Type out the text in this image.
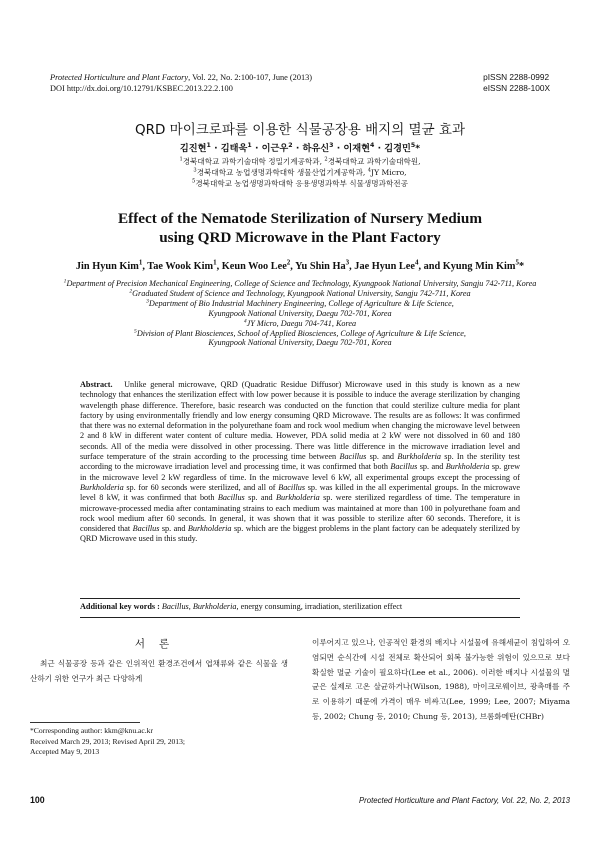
Protected Horticulture and Plant Factory, Vol. 22, No. 2:100-107, June (2013)
DOI http://dx.doi.org/10.12791/KSBEC.2013.22.2.100
pISSN 2288-0992
eISSN 2288-100X
QRD 마이크로파를 이용한 식물공장용 배지의 멸균 효과
김진현$^1$ · 김태욱$^1$ · 이근우$^2$ · 하유신$^3$ · 이재현$^4$ · 김경민$^5$*
$^1$경북대학교 과학기술대학 정밀기계공학과, $^2$경북대학교 과학기술대학원,
$^3$경북대학교 농업생명과학대학 생물산업기계공학과, $^4$JY Micro,
$^5$경북대학교 농업생명과학대학 응용생명과학부 식물생명과학전공
Effect of the Nematode Sterilization of Nursery Medium
using QRD Microwave in the Plant Factory
Jin Hyun Kim$^1$, Tae Wook Kim$^1$, Keun Woo Lee$^2$, Yu Shin Ha$^3$, Jae Hyun Lee$^4$, and Kyung Min Kim$^5$*

$^1$Department of Precision Mechanical Engineering, College of Science and Technology, Kyungpook National University, Sangju 742-711, Korea

$^2$Graduated Student of Science and Technology, Kyungpook National University, Sangju 742-711, Korea

$^3$Department of Bio Industrial Machinery Engineering, College of Agriculture & Life Science,
Kyungpook National University, Daegu 702-701, Korea

$^4$JY Micro, Daegu 704-741, Korea

$^5$Division of Plant Biosciences, School of Applied Biosciences, College of Agriculture & Life Science,
Kyungpook National University, Daegu 702-701, Korea

Abstract. Unlike general microwave, QRD (Quadratic Residue Diffusor) Microwave used in this study is known as a new technology that enhances the sterilization effect with low power because it is possible to induce the average sterilization by changing wavelength phase difference. Therefore, basic research was conducted on the function that could sterilize culture media for plant factory by using environmentally friendly and low energy consuming QRD Microwave. The results are as follows: It was confirmed that there was no external deformation in the polyurethane foam and rock wool medium when changing the microwave level between 2 and 8 kW in different water content of culture media. However, PDA solid media at 2 kW were not dissolved in 60 and 180 seconds. All of the media were dissolved in other processing. There was little difference in the microwave irradiation level and surface temperature of the strain according to the processing time between Bacillus sp. and Burkholderia sp. In the sterility test according to the microwave irradiation level and processing time, it was confirmed that both Bacillus sp. and Burkholderia sp. grew in the microwave level 2 kW regardless of time. In the microwave level 6 kW, all experimental groups except the processing of Burkholderia sp. for 60 seconds were sterilized, and all of Bacillus sp. was killed in the all experimental groups. In the microwave level 8 kW, it was confirmed that both Bacillus sp. and Burkholderia sp. were sterilized regardless of time. The temperature in microwave-processed media after contaminating strains to each medium was maintained at more than 100 in polyurethane foam and rock wool medium after 60 seconds. In general, it was shown that it was possible to sterilize after 60 seconds. Therefore, it is considered that Bacillus sp. and Burkholderia sp. which are the biggest problems in the plant factory can be adequately sterilized by QRD Microwave used in this study.
Additional key words : Bacillus, Burkholderia, energy consuming, irradiation, sterilization effect
서론

최근 식물공장 등과 같은 인위적인 환경조건에서 엽채류와 같은 식물을 생산하기 위한 연구가 최근 다양하게

*Corresponding author: kkm@knu.ac.kr
Received March 29, 2013; Revised April 29, 2013;
Accepted May 9, 2013
이루어지고 있으나, 인공적인 환경의 배지나 시설물에 유해세균이 침입하여 오염되면 순식간에 시설 전체로 확산되어 회복 불가능한 위험이 있으므로 보다 확실한 멸균 기술이 필요하다(Lee et al., 2006). 이러한 배지나 시설물의 멸균은 실제로 고온 살균하거나(Wilson, 1988), 마이크로웨이브, 광촉매를 주로 이용하기 때문에 가격이 매우 비싸고(Lee, 1999; Lee, 2007; Miyama 등, 2002; Chung 등, 2010; Chung 등, 2013), 브롬화메탄(CHBr)
100	Protected Horticulture and Plant Factory, Vol. 22, No. 2, 2013
